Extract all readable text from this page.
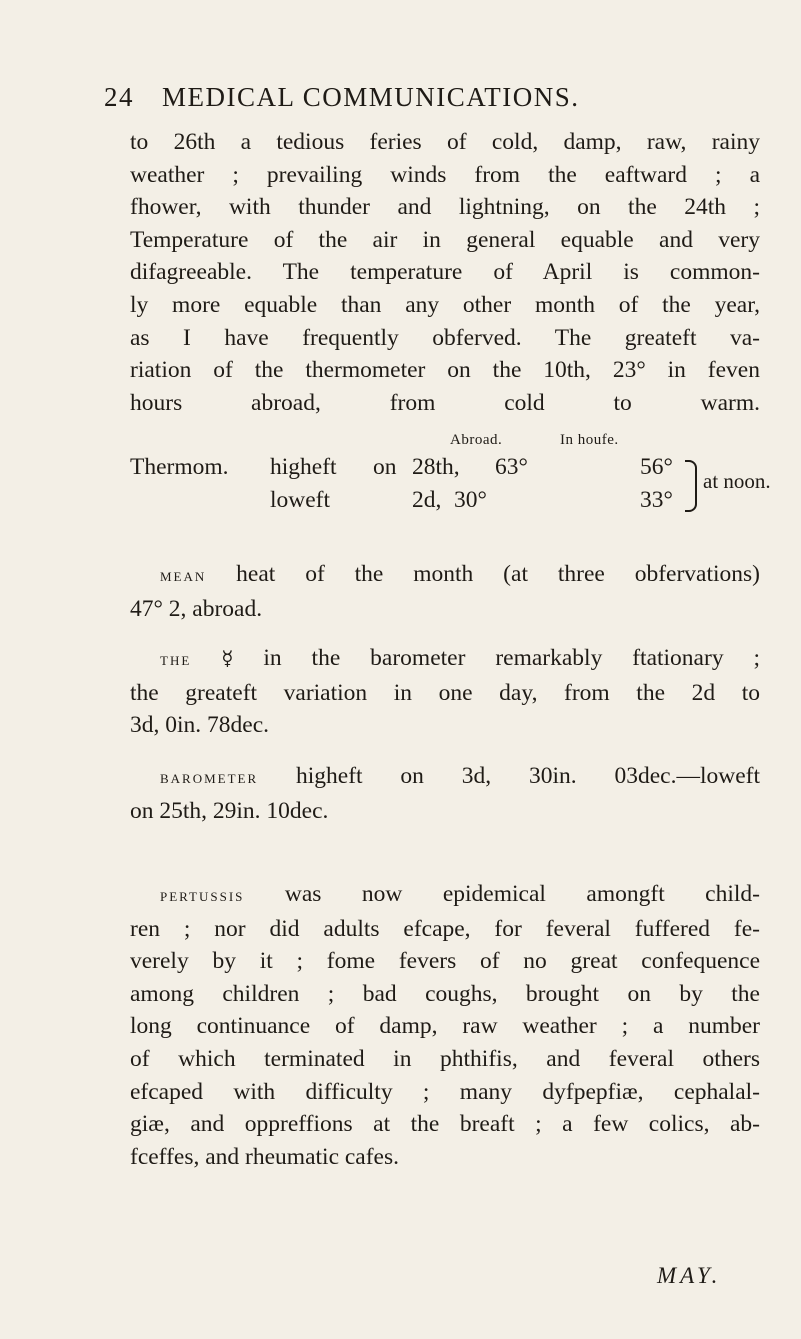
24 MEDICAL COMMUNICATIONS.
to 26th a tedious feries of cold, damp, raw, rainy
weather ; prevailing winds from the eaftward ; a
fhower, with thunder and lightning, on the 24th ;
Temperature of the air in general equable and very
difagreeable. The temperature of April is common-
ly more equable than any other month of the year,
as I have frequently obferved. The greateft va-
riation of the thermometer on the 10th, 23° in feven
hours abroad, from cold to warm.
Abroad.	In houfe.
Thermom. higheft on 28th, 63°	56°
loweft	2d, 30°	33°
at noon.
mean heat of the month (at three obfervations)
47° 2, abroad.
the ☿ in the barometer remarkably ftationary ;
the greateft variation in one day, from the 2d to
3d, 0in. 78dec.
barometer higheft on 3d, 30in. 03dec.—loweft
on 25th, 29in. 10dec.
pertussis was now epidemical amongft child-
ren ; nor did adults efcape, for feveral fuffered fe-
verely by it ; fome fevers of no great confequence
among children ; bad coughs, brought on by the
long continuance of damp, raw weather ; a number
of which terminated in phthifis, and feveral others
efcaped with difficulty ; many dyfpepfiæ, cephalal-
giæ, and oppreffions at the breaft ; a few colics, ab-
fceffes, and rheumatic cafes.
MAY.
